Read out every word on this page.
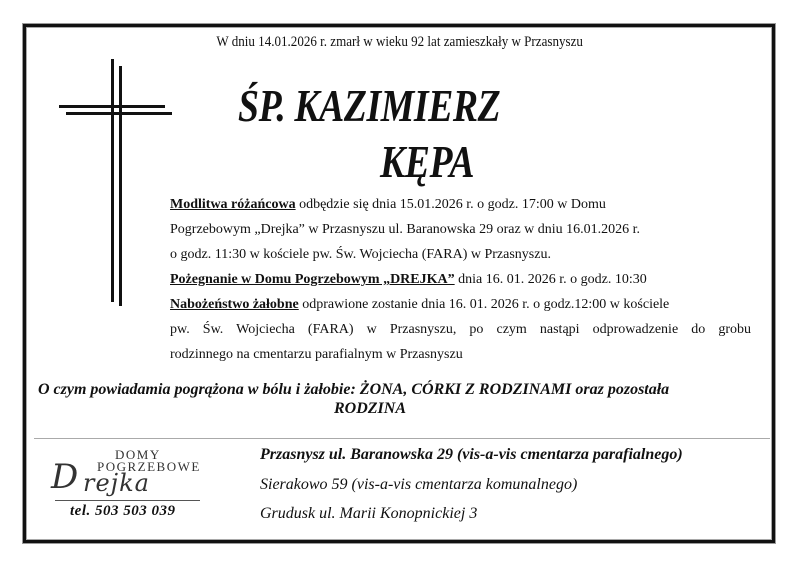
W dniu 14.01.2026 r. zmarł w wieku 92 lat zamieszkały w Przasnyszu
ŚP. KAZIMIERZ
KĘPA
Modlitwa różańcowa odbędzie się dnia 15.01.2026 r. o godz. 17:00 w Domu
Pogrzebowym „Drejka” w Przasnyszu ul. Baranowska 29 oraz w dniu 16.01.2026 r.
o godz. 11:30 w kościele pw. Św. Wojciecha (FARA) w Przasnyszu.
Pożegnanie w Domu Pogrzebowym „DREJKA” dnia 16. 01. 2026 r. o godz. 10:30
Nabożeństwo żałobne odprawione zostanie dnia 16. 01. 2026 r. o godz.12:00 w kościele
pw. Św. Wojciecha (FARA) w Przasnyszu, po czym nastąpi odprowadzenie do grobu
rodzinnego na cmentarzu parafialnym w Przasnyszu
O czym powiadamia pogrążona w bólu i żałobie: ŻONA, CÓRKI Z RODZINAMI oraz pozostała
RODZINA
DOMY
POGRZEBOWE
D rejka
tel. 503 503 039
Przasnysz ul. Baranowska 29 (vis-a-vis cmentarza parafialnego)
Sierakowo 59 (vis-a-vis cmentarza komunalnego)
Grudusk ul. Marii Konopnickiej 3
